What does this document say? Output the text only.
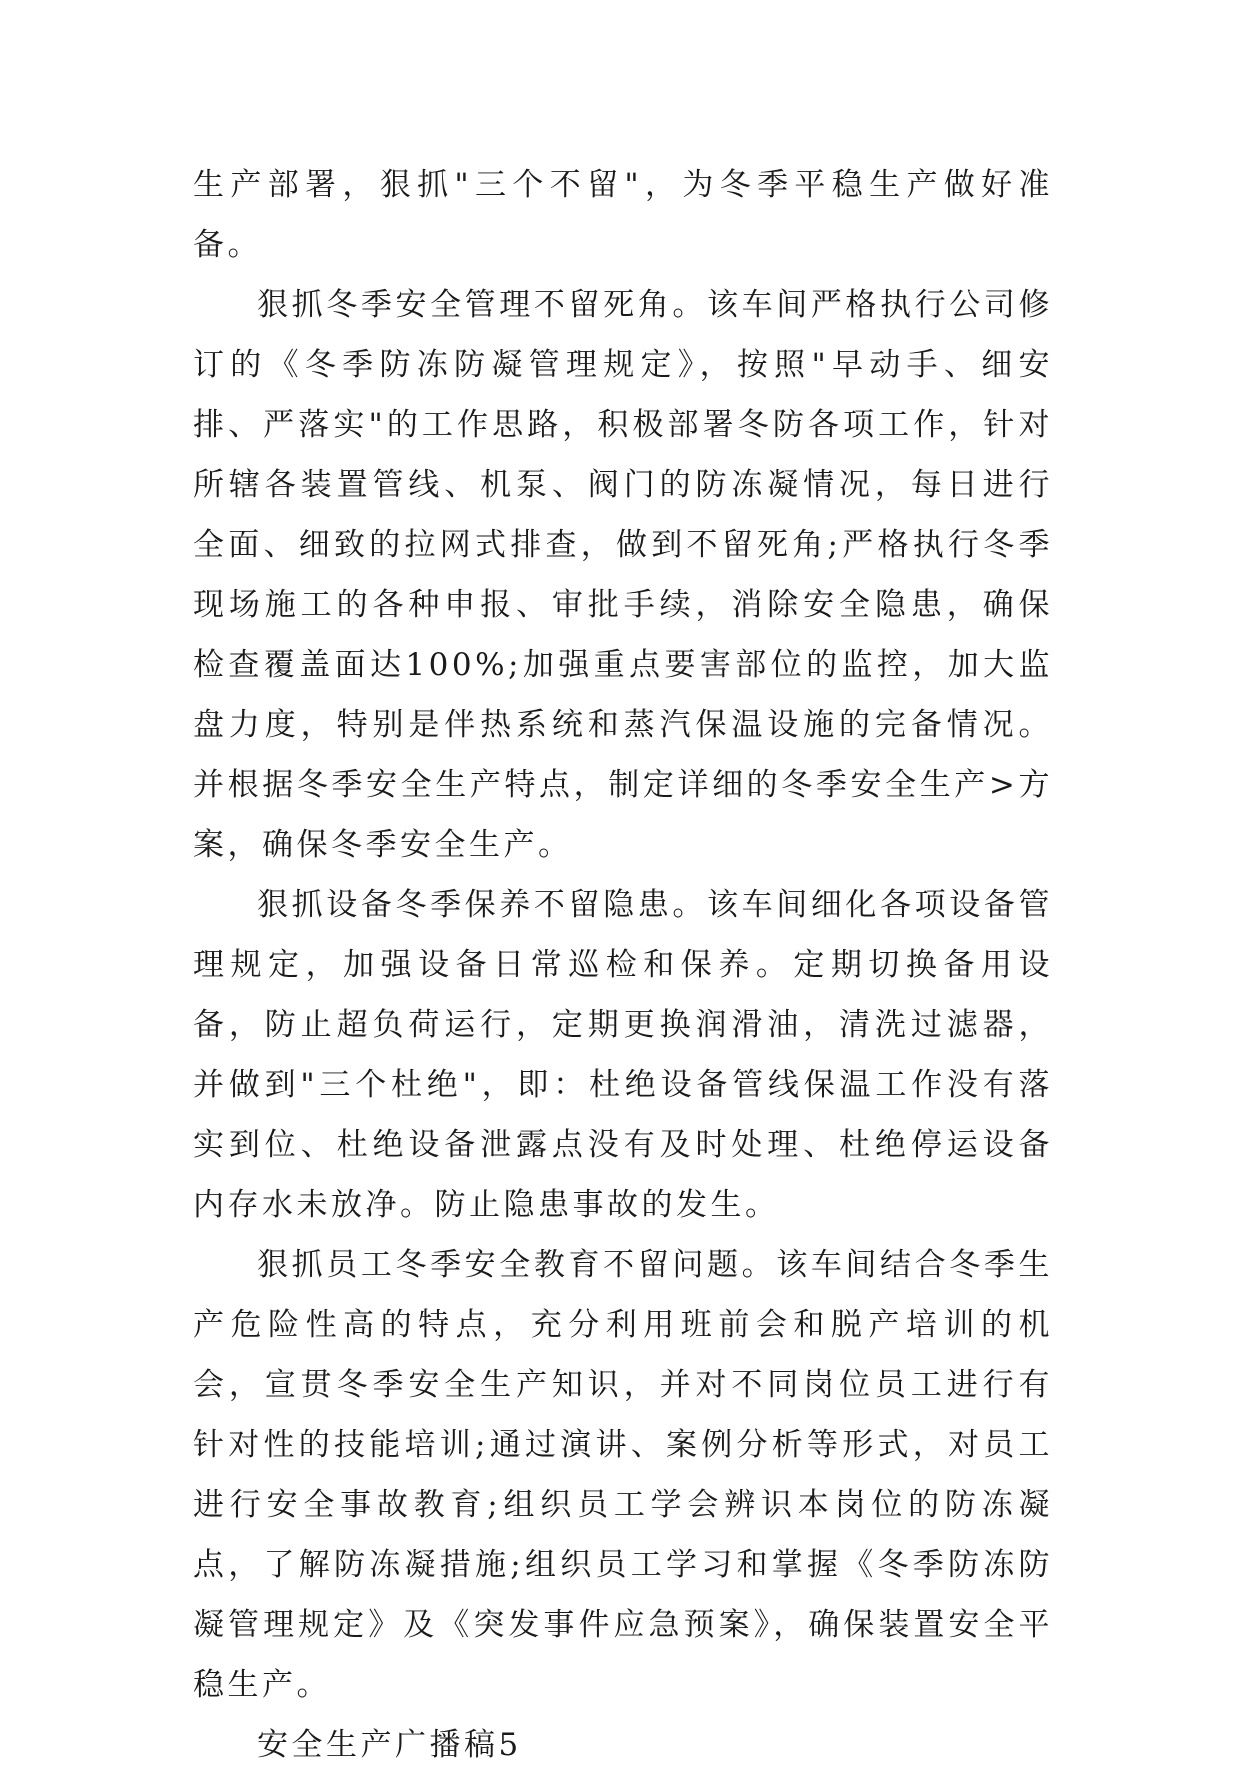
生产部署，狠抓"三个不留"，为冬季平稳生产做好准备。

狠抓冬季安全管理不留死角。该车间严格执行公司修订的《冬季防冻防凝管理规定》，按照"早动手、细安排、严落实"的工作思路，积极部署冬防各项工作，针对所辖各装置管线、机泵、阀门的防冻凝情况，每日进行全面、细致的拉网式排查，做到不留死角;严格执行冬季现场施工的各种申报、审批手续，消除安全隐患，确保检查覆盖面达100%;加强重点要害部位的监控，加大监盘力度，特别是伴热系统和蒸汽保温设施的完备情况。并根据冬季安全生产特点，制定详细的冬季安全生产>方案，确保冬季安全生产。

狠抓设备冬季保养不留隐患。该车间细化各项设备管理规定，加强设备日常巡检和保养。定期切换备用设备，防止超负荷运行，定期更换润滑油，清洗过滤器，并做到"三个杜绝"，即：杜绝设备管线保温工作没有落实到位、杜绝设备泄露点没有及时处理、杜绝停运设备内存水未放净。防止隐患事故的发生。

狠抓员工冬季安全教育不留问题。该车间结合冬季生产危险性高的特点，充分利用班前会和脱产培训的机会，宣贯冬季安全生产知识，并对不同岗位员工进行有针对性的技能培训;通过演讲、案例分析等形式，对员工进行安全事故教育;组织员工学会辨识本岗位的防冻凝点，了解防冻凝措施;组织员工学习和掌握《冬季防冻防凝管理规定》及《突发事件应急预案》，确保装置安全平稳生产。

安全生产广播稿5
